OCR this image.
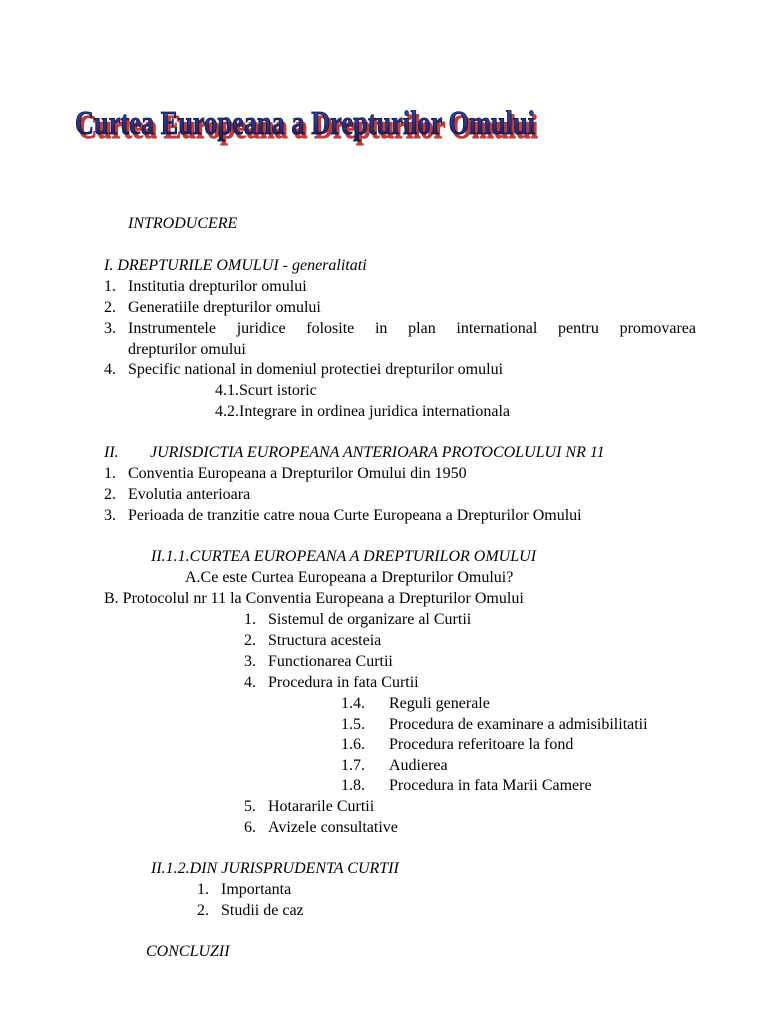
Curtea Europeana a Drepturilor Omului
Curtea Europeana a Drepturilor Omului
INTRODUCERE
I. DREPTURILE OMULUI - generalitati
1. Institutia drepturilor omului
2. Generatiile drepturilor omului
3. Instrumentele juridice folosite in plan international pentru promovarea
drepturilor omului
4. Specific national in domeniul protectiei drepturilor omului
4.1.Scurt istoric
4.2.Integrare in ordinea juridica internationala
II. JURISDICTIA EUROPEANA ANTERIOARA PROTOCOLULUI NR 11
1. Conventia Europeana a Drepturilor Omului din 1950
2. Evolutia anterioara
3. Perioada de tranzitie catre noua Curte Europeana a Drepturilor Omului
II.1.1.CURTEA EUROPEANA A DREPTURILOR OMULUI
A.Ce este Curtea Europeana a Drepturilor Omului?
B. Protocolul nr 11 la Conventia Europeana a Drepturilor Omului
1. Sistemul de organizare al Curtii
2. Structura acesteia
3. Functionarea Curtii
4. Procedura in fata Curtii
1.4. Reguli generale
1.5. Procedura de examinare a admisibilitatii
1.6. Procedura referitoare la fond
1.7. Audierea
1.8. Procedura in fata Marii Camere
5. Hotararile Curtii
6. Avizele consultative
II.1.2.DIN JURISPRUDENTA CURTII
1. Importanta
2. Studii de caz
CONCLUZII
